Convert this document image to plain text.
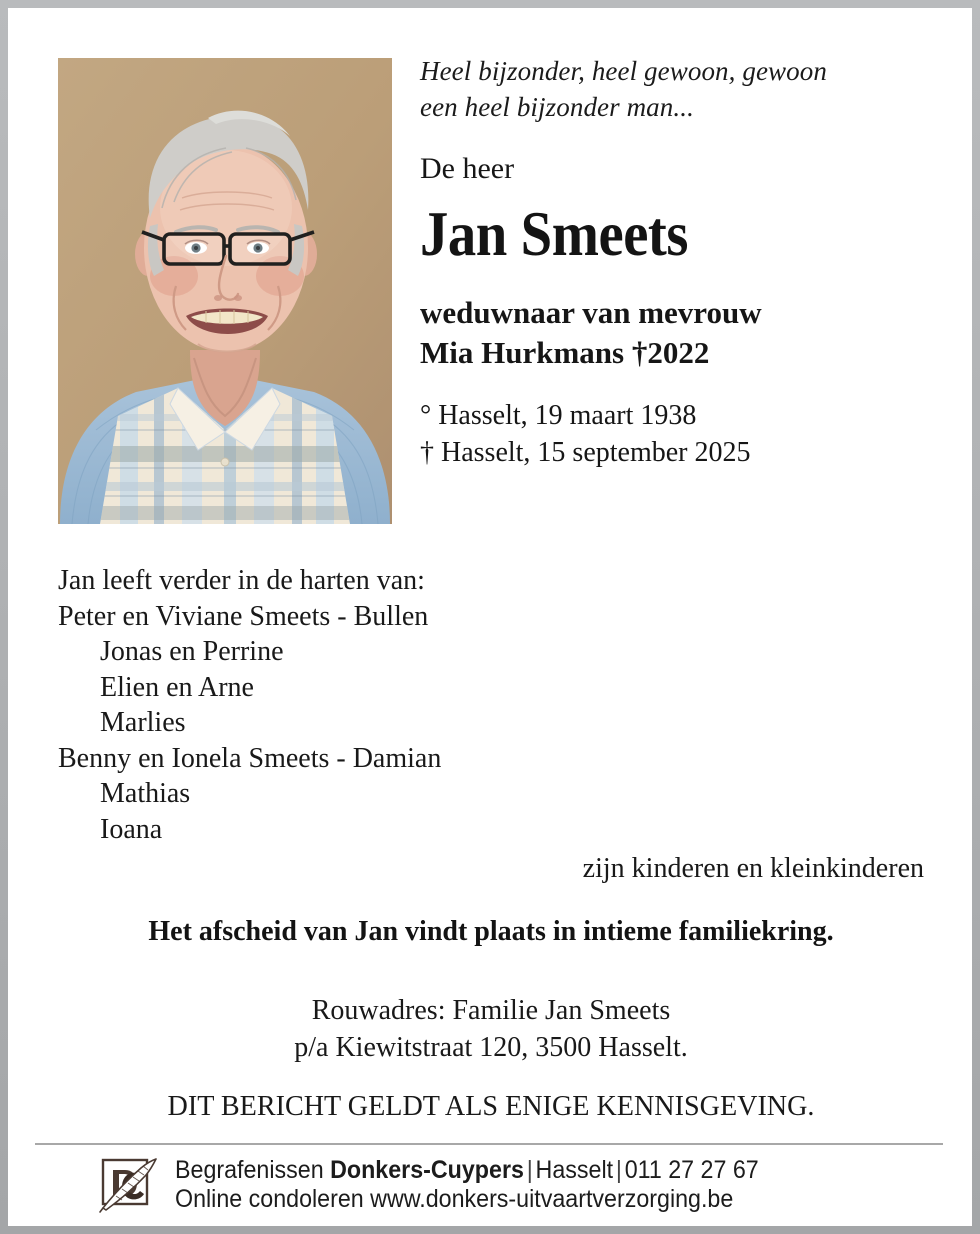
Heel bijzonder, heel gewoon, gewoon
een heel bijzonder man...
De heer
Jan Smeets
weduwnaar van mevrouw
Mia Hurkmans †2022
° Hasselt, 19 maart 1938
† Hasselt, 15 september 2025
Jan leeft verder in de harten van:
Peter en Viviane Smeets - Bullen
Jonas en Perrine
Elien en Arne
Marlies
Benny en Ionela Smeets - Damian
Mathias
Ioana
zijn kinderen en kleinkinderen
Het afscheid van Jan vindt plaats in intieme familiekring.
Rouwadres: Familie Jan Smeets
p/a Kiewitstraat 120, 3500 Hasselt.
DIT BERICHT GELDT ALS ENIGE KENNISGEVING.
Begrafenissen Donkers-Cuypers | Hasselt | 011 27 27 67
Online condoleren www.donkers-uitvaartverzorging.be
